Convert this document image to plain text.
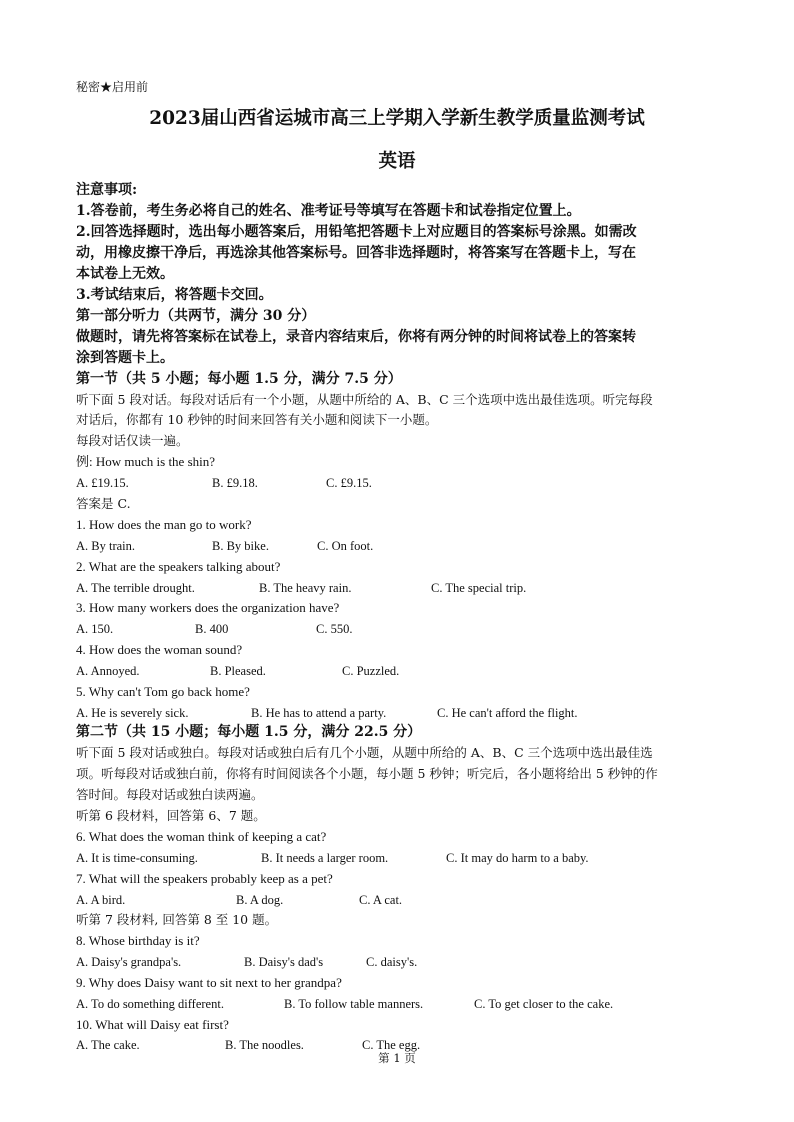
秘密★启用前
2023届山西省运城市高三上学期入学新生教学质量监测考试
英语
注意事项:
1.答卷前，考生务必将自己的姓名、准考证号等填写在答题卡和试卷指定位置上。
2.回答选择题时，选出每小题答案后，用铅笔把答题卡上对应题目的答案标号涂黑。如需改
动，用橡皮擦干净后，再选涂其他答案标号。回答非选择题时，将答案写在答题卡上，写在
本试卷上无效。
3.考试结束后，将答题卡交回。
第一部分听力（共两节，满分 30 分）
做题时，请先将答案标在试卷上，录音内容结束后，你将有两分钟的时间将试卷上的答案转
涂到答题卡上。
第一节（共 5 小题；每小题 1.5 分，满分 7.5 分）
听下面 5 段对话。每段对话后有一个小题，从题中所给的 A、B、C 三个选项中选出最佳选项。听完每段
对话后，你都有 10 秒钟的时间来回答有关小题和阅读下一小题。
每段对话仅读一遍。
例: How much is the shin?
A. £19.15.	B. £9.18.	C. £9.15.
答案是 C.
1. How does the man go to work?
A. By train.	B. By bike.	C. On foot.
2. What are the speakers talking about?
A. The terrible drought.	B. The heavy rain.	C. The special trip.
3. How many workers does the organization have?
A. 150.	B. 400	C. 550.
4. How does the woman sound?
A. Annoyed.	B. Pleased.	C. Puzzled.
5. Why can't Tom go back home?
A. He is severely sick.	B. He has to attend a party.	C. He can't afford the flight.
第二节（共 15 小题；每小题 1.5 分，满分 22.5 分）
听下面 5 段对话或独白。每段对话或独白后有几个小题，从题中所给的 A、B、C 三个选项中选出最佳选
项。听每段对话或独白前，你将有时间阅读各个小题，每小题 5 秒钟；听完后，各小题将给出 5 秒钟的作
答时间。每段对话或独白读两遍。
听第 6 段材料，回答第 6、7 题。
6. What does the woman think of keeping a cat?
A. It is time-consuming.	B. It needs a larger room.	C. It may do harm to a baby.
7. What will the speakers probably keep as a pet?
A. A bird.	B. A dog.	C. A cat.
听第 7 段材料, 回答第 8 至 10 题。
8. Whose birthday is it?
A. Daisy's grandpa's.	B. Daisy's dad's	C. daisy's.
9. Why does Daisy want to sit next to her grandpa?
A. To do something different.	B. To follow table manners.	C. To get closer to the cake.
10. What will Daisy eat first?
A. The cake.	B. The noodles.	C. The egg.
第 1 页
